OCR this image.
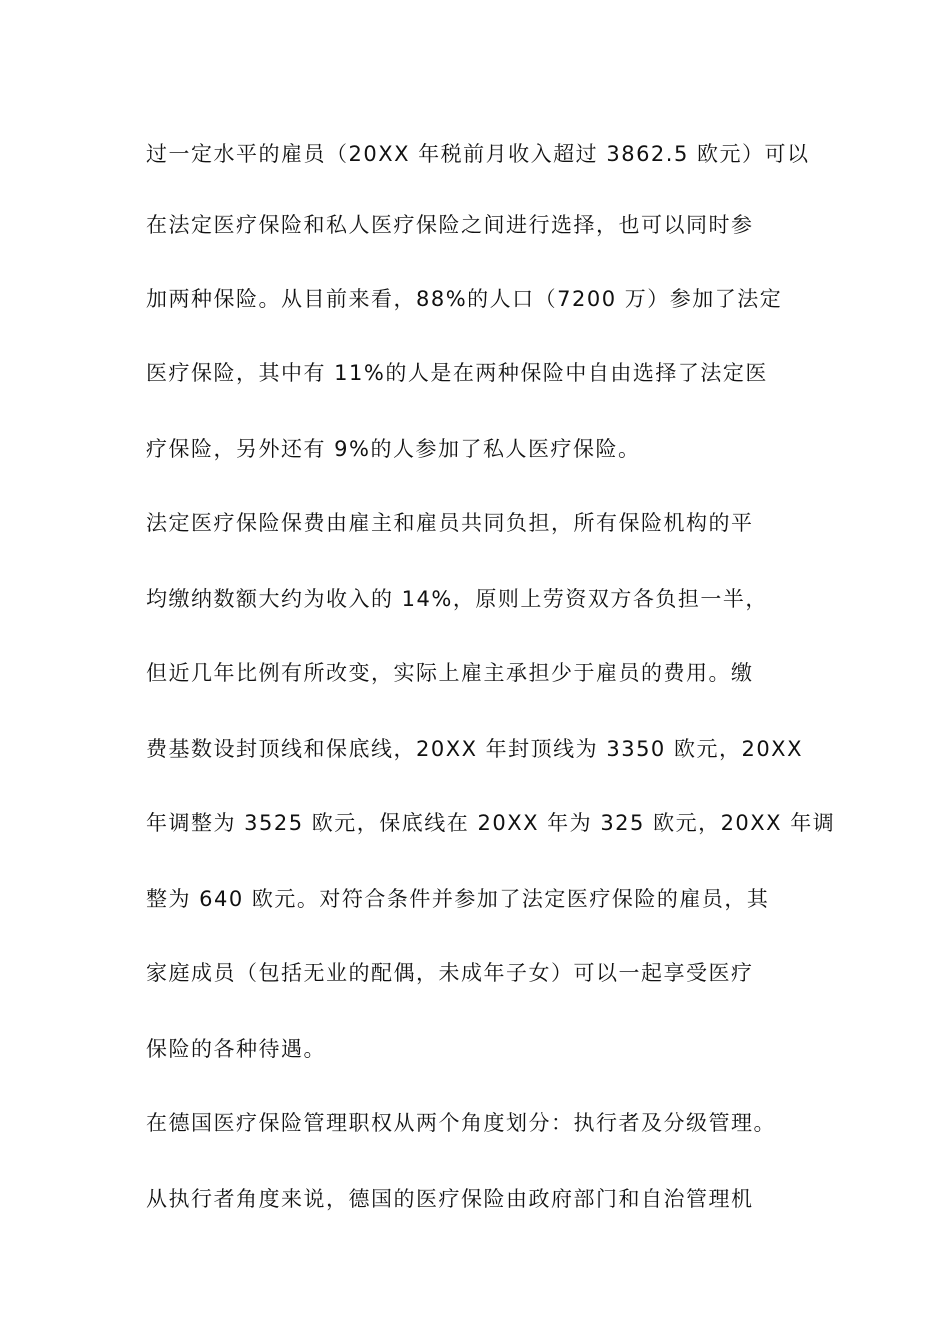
过一定水平的雇员（20XX 年税前月收入超过 3862.5 欧元）可以
在法定医疗保险和私人医疗保险之间进行选择，也可以同时参
加两种保险。从目前来看，88%的人口（7200 万）参加了法定
医疗保险，其中有 11%的人是在两种保险中自由选择了法定医
疗保险，另外还有 9%的人参加了私人医疗保险。
法定医疗保险保费由雇主和雇员共同负担，所有保险机构的平
均缴纳数额大约为收入的 14%，原则上劳资双方各负担一半，
但近几年比例有所改变，实际上雇主承担少于雇员的费用。缴
费基数设封顶线和保底线，20XX 年封顶线为 3350 欧元，20XX
年调整为 3525 欧元，保底线在 20XX 年为 325 欧元，20XX 年调
整为 640 欧元。对符合条件并参加了法定医疗保险的雇员，其
家庭成员（包括无业的配偶，未成年子女）可以一起享受医疗
保险的各种待遇。
在德国医疗保险管理职权从两个角度划分：执行者及分级管理。
从执行者角度来说，德国的医疗保险由政府部门和自治管理机
